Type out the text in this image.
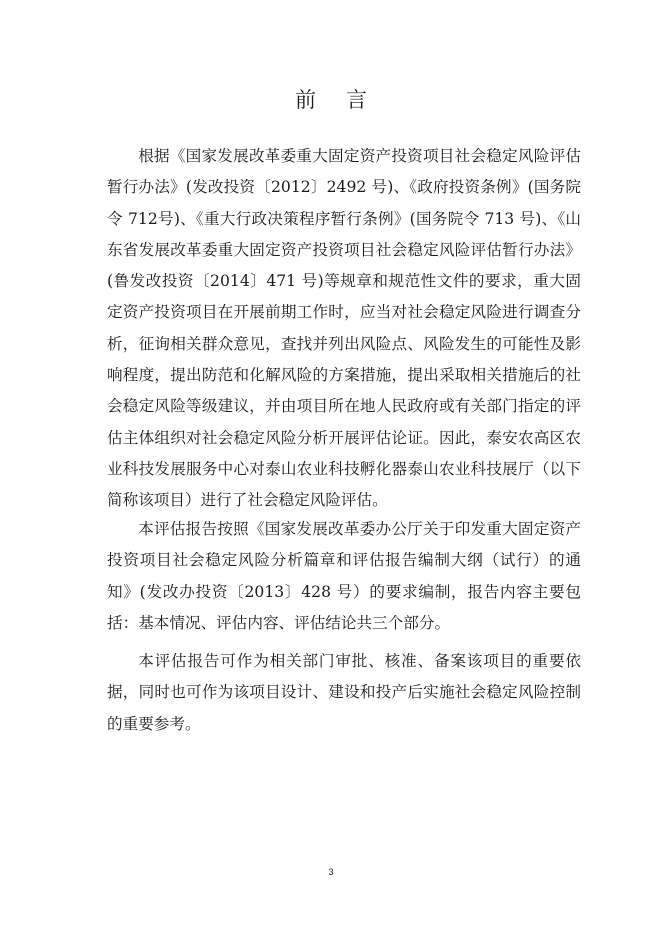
前言

根据《国家发展改革委重大固定资产投资项目社会稳定风险评估暂行办法》(发改投资〔2012〕2492 号)、《政府投资条例》(国务院令 712号)、《重大行政决策程序暂行条例》(国务院令 713 号)、《山东省发展改革委重大固定资产投资项目社会稳定风险评估暂行办法》(鲁发改投资〔2014〕471 号)等规章和规范性文件的要求，重大固定资产投资项目在开展前期工作时，应当对社会稳定风险进行调查分析，征询相关群众意见，查找并列出风险点、风险发生的可能性及影响程度，提出防范和化解风险的方案措施，提出采取相关措施后的社会稳定风险等级建议，并由项目所在地人民政府或有关部门指定的评估主体组织对社会稳定风险分析开展评估论证。因此，泰安农高区农业科技发展服务中心对泰山农业科技孵化器泰山农业科技展厅（以下简称该项目）进行了社会稳定风险评估。

本评估报告按照《国家发展改革委办公厅关于印发重大固定资产投资项目社会稳定风险分析篇章和评估报告编制大纲（试行）的通知》(发改办投资〔2013〕428 号）的要求编制，报告内容主要包括：基本情况、评估内容、评估结论共三个部分。

本评估报告可作为相关部门审批、核准、备案该项目的重要依据，同时也可作为该项目设计、建设和投产后实施社会稳定风险控制的重要参考。

3
